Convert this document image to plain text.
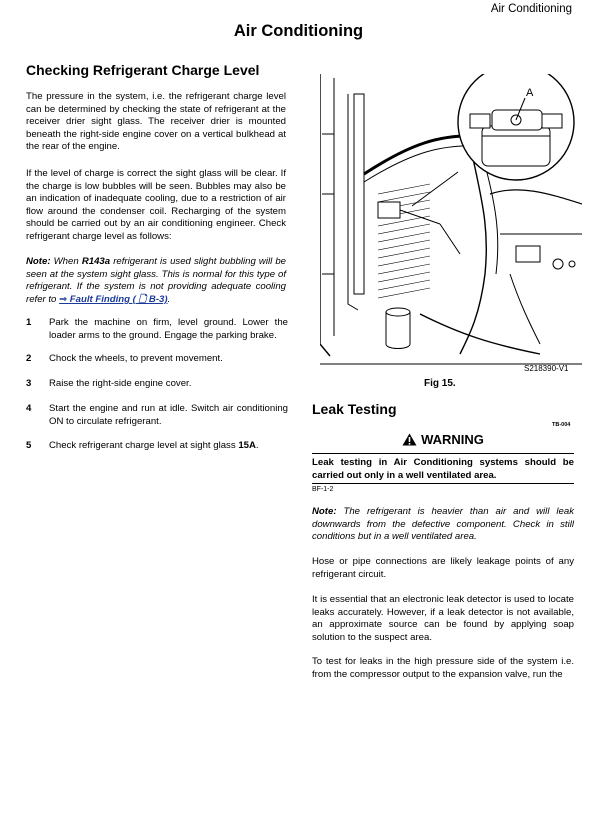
Air Conditioning
Air Conditioning
Checking Refrigerant Charge Level

The pressure in the system, i.e. the refrigerant charge level can be determined by checking the state of refrigerant at the receiver drier sight glass. The receiver drier is mounted beneath the right-side engine cover on a vertical bulkhead at the rear of the engine.

If the level of charge is correct the sight glass will be clear. If the charge is low bubbles will be seen. Bubbles may also be an indication of inadequate cooling, due to a restriction of air flow around the condenser coil. Recharging of the system should be carried out by an air conditioning engineer. Check refrigerant charge level as follows:

Note: When R143a refrigerant is used slight bubbling will be seen at the system sight glass. This is normal for this type of refrigerant. If the system is not providing adequate cooling refer to ⇒ Fault Finding ( 🗋 B-3).

1 Park the machine on firm, level ground. Lower the loader arms to the ground. Engage the parking brake.
2 Chock the wheels, to prevent movement.
3 Raise the right-side engine cover.
4 Start the engine and run at idle. Switch air conditioning ON to circulate refrigerant.
5 Check refrigerant charge level at sight glass 15A.
A
S218390-V1
Fig 15.
Leak Testing
TB-004
WARNING
Leak testing in Air Conditioning systems should be carried out only in a well ventilated area.
BF-1-2

Note: The refrigerant is heavier than air and will leak downwards from the defective component. Check in still conditions but in a well ventilated area.

Hose or pipe connections are likely leakage points of any refrigerant circuit.

It is essential that an electronic leak detector is used to locate leaks accurately. However, if a leak detector is not available, an approximate source can be found by applying soap solution to the suspect area.

To test for leaks in the high pressure side of the system i.e. from the compressor output to the expansion valve, run the
